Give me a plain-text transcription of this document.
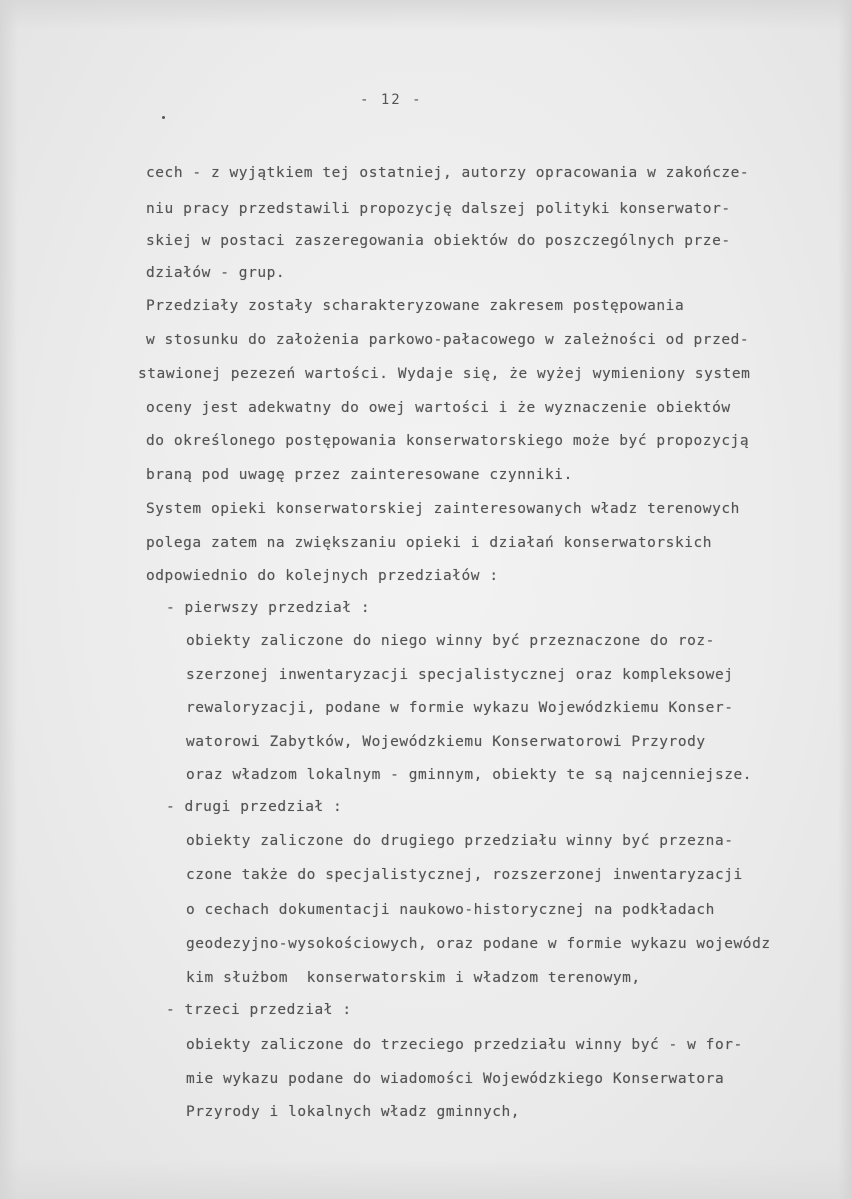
- 12 -
cech - z wyjątkiem tej ostatniej, autorzy opracowania w zakończe-
niu pracy przedstawili propozycję dalszej polityki konserwator-
skiej w postaci zaszeregowania obiektów do poszczególnych prze-
działów - grup.
Przedziały zostały scharakteryzowane zakresem postępowania
w stosunku do założenia parkowo-pałacowego w zależności od przed-
stawionej pezezeń wartości. Wydaje się, że wyżej wymieniony system
oceny jest adekwatny do owej wartości i że wyznaczenie obiektów
do określonego postępowania konserwatorskiego może być propozycją
braną pod uwagę przez zainteresowane czynniki.
System opieki konserwatorskiej zainteresowanych władz terenowych
polega zatem na zwiększaniu opieki i działań konserwatorskich
odpowiednio do kolejnych przedziałów :
- pierwszy przedział :
obiekty zaliczone do niego winny być przeznaczone do roz-
szerzonej inwentaryzacji specjalistycznej oraz kompleksowej
rewaloryzacji, podane w formie wykazu Wojewódzkiemu Konser-
watorowi Zabytków, Wojewódzkiemu Konserwatorowi Przyrody
oraz władzom lokalnym - gminnym, obiekty te są najcenniejsze.
- drugi przedział :
obiekty zaliczone do drugiego przedziału winny być przezna-
czone także do specjalistycznej, rozszerzonej inwentaryzacji
o cechach dokumentacji naukowo-historycznej na podkładach
geodezyjno-wysokościowych, oraz podane w formie wykazu wojewódz
kim służbom  konserwatorskim i władzom terenowym,
- trzeci przedział :
obiekty zaliczone do trzeciego przedziału winny być - w for-
mie wykazu podane do wiadomości Wojewódzkiego Konserwatora
Przyrody i lokalnych władz gminnych,
